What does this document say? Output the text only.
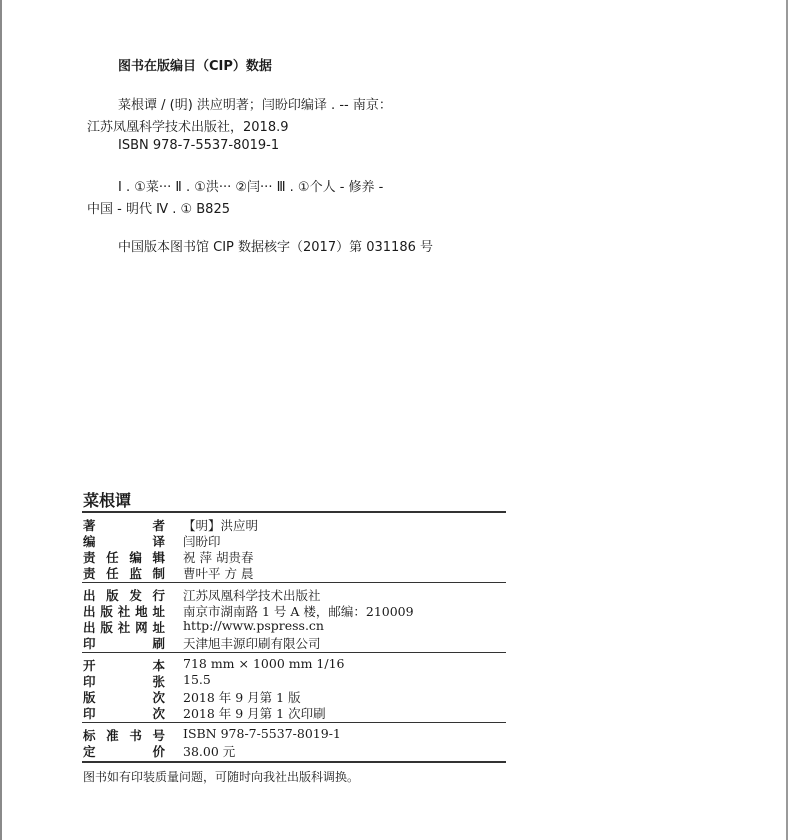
图书在版编目（CIP）数据
菜根谭 / (明) 洪应明著；闫盼印编译 . -- 南京：
江苏凤凰科学技术出版社，2018.9
ISBN 978-7-5537-8019-1
Ⅰ . ①菜··· Ⅱ . ①洪··· ②闫··· Ⅲ . ①个人 - 修养 -
中国 - 明代 Ⅳ . ① B825
中国版本图书馆 CIP 数据核字（2017）第 031186 号
菜根谭
著者 【明】洪应明
编译 闫盼印
责任编辑 祝 萍 胡贵春
责任监制 曹叶平 方 晨
出版发行 江苏凤凰科学技术出版社
出版社地址 南京市湖南路 1 号 A 楼，邮编：210009
出版社网址 http://www.pspress.cn
印刷 天津旭丰源印刷有限公司
开本 718 mm × 1000 mm 1/16
印张 15.5
版次 2018 年 9 月第 1 版
印次 2018 年 9 月第 1 次印刷
标准书号 ISBN 978-7-5537-8019-1
定价 38.00 元
图书如有印装质量问题，可随时向我社出版科调换。
